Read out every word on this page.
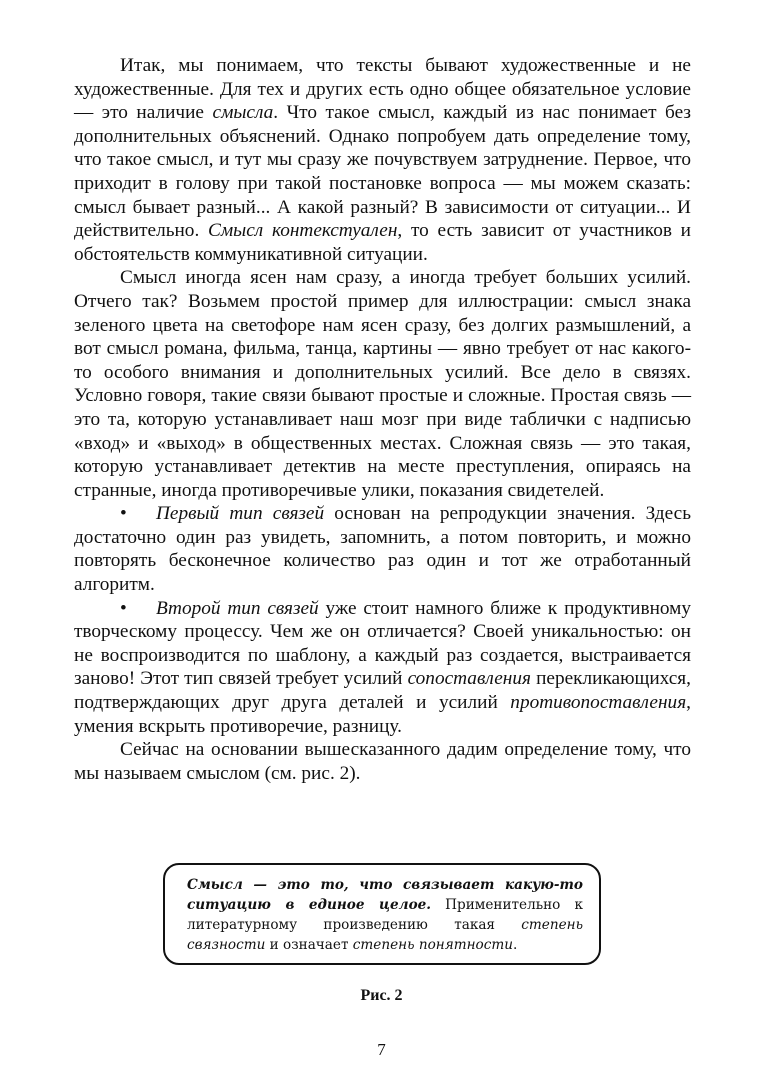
Итак, мы понимаем, что тексты бывают художественные и не художественные. Для тех и других есть одно общее обязательное условие — это наличие смысла. Что такое смысл, каждый из нас понимает без дополнительных объяснений. Однако попробуем дать определение тому, что такое смысл, и тут мы сразу же почувствуем затруднение. Первое, что приходит в голову при такой постановке вопроса — мы можем сказать: смысл бывает разный... А какой разный? В зависимости от ситуации... И действительно. Смысл контекстуален, то есть зависит от участников и обстоятельств коммуникативной ситуации.

Смысл иногда ясен нам сразу, а иногда требует больших усилий. Отчего так? Возьмем простой пример для иллюстрации: смысл знака зеленого цвета на светофоре нам ясен сразу, без долгих размышлений, а вот смысл романа, фильма, танца, картины — явно требует от нас какого-то особого внимания и дополнительных усилий. Все дело в связях. Условно говоря, такие связи бывают простые и сложные. Простая связь — это та, которую устанавливает наш мозг при виде таблички с надписью «вход» и «выход» в общественных местах. Сложная связь — это такая, которую устанавливает детектив на месте преступления, опираясь на странные, иногда противоречивые улики, показания свидетелей.

• Первый тип связей основан на репродукции значения. Здесь достаточно один раз увидеть, запомнить, а потом повторить, и можно повторять бесконечное количество раз один и тот же отработанный алгоритм.

• Второй тип связей уже стоит намного ближе к продуктивному творческому процессу. Чем же он отличается? Своей уникальностью: он не воспроизводится по шаблону, а каждый раз создается, выстраивается заново! Этот тип связей требует усилий сопоставления перекликающихся, подтверждающих друг друга деталей и усилий противопоставления, умения вскрыть противоречие, разницу.

Сейчас на основании вышесказанного дадим определение тому, что мы называем смыслом (см. рис. 2).

Смысл — это то, что связывает какую-то ситуацию в единое целое. Применительно к литературному произведению такая степень связности и означает степень понятности.
Рис. 2
7
